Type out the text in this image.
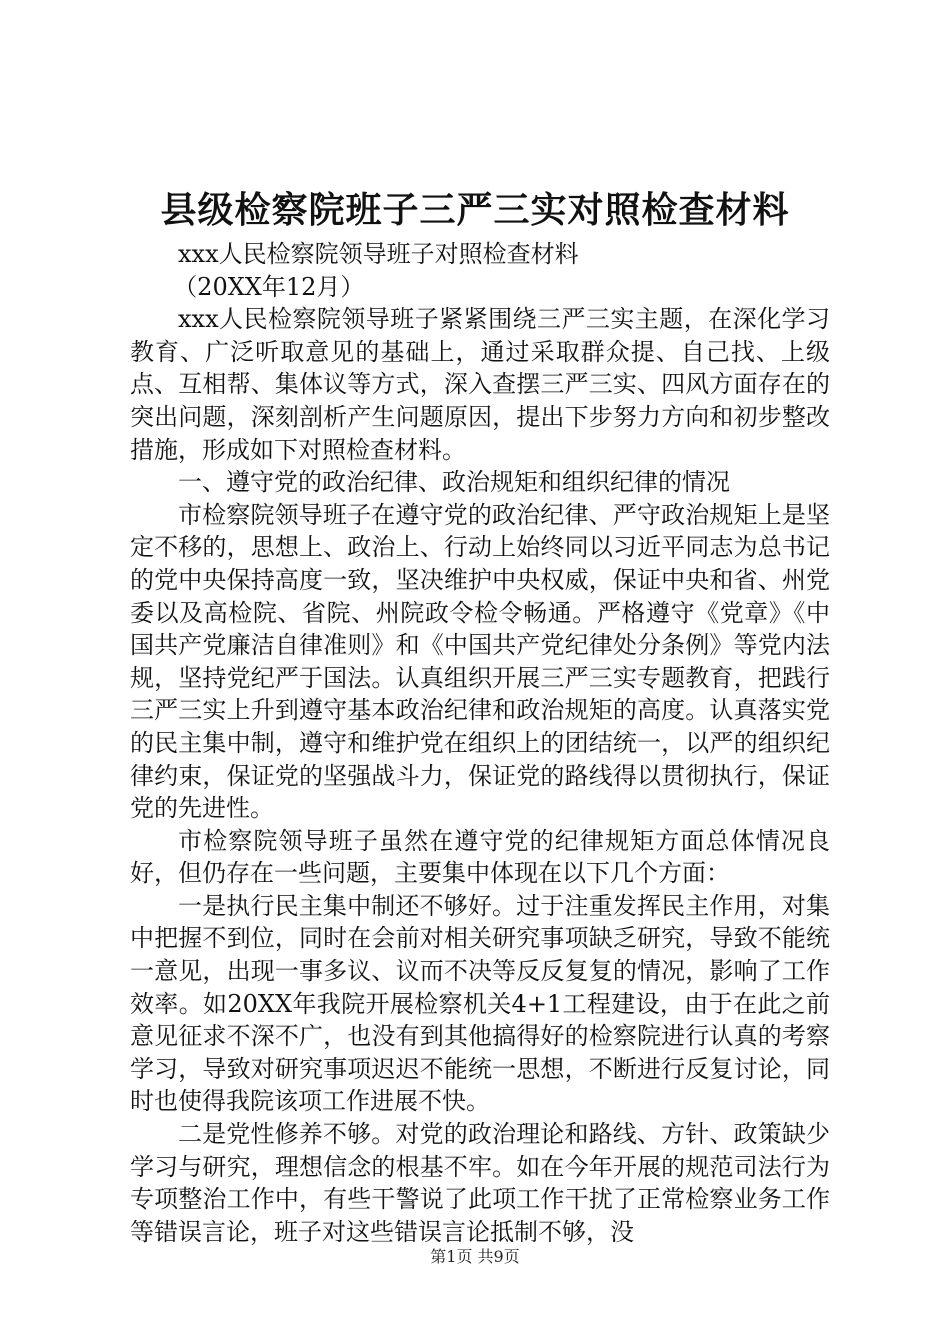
县级检察院班子三严三实对照检查材料

xxx人民检察院领导班子对照检查材料

（20XX年12月）

xxx人民检察院领导班子紧紧围绕三严三实主题，在深化学习教育、广泛听取意见的基础上，通过采取群众提、自己找、上级点、互相帮、集体议等方式，深入查摆三严三实、四风方面存在的突出问题，深刻剖析产生问题原因，提出下步努力方向和初步整改措施，形成如下对照检查材料。

一、遵守党的政治纪律、政治规矩和组织纪律的情况

市检察院领导班子在遵守党的政治纪律、严守政治规矩上是坚定不移的，思想上、政治上、行动上始终同以习近平同志为总书记的党中央保持高度一致，坚决维护中央权威，保证中央和省、州党委以及高检院、省院、州院政令检令畅通。严格遵守《党章》《中国共产党廉洁自律准则》和《中国共产党纪律处分条例》等党内法规，坚持党纪严于国法。认真组织开展三严三实专题教育，把践行三严三实上升到遵守基本政治纪律和政治规矩的高度。认真落实党的民主集中制，遵守和维护党在组织上的团结统一，以严的组织纪律约束，保证党的坚强战斗力，保证党的路线得以贯彻执行，保证党的先进性。

市检察院领导班子虽然在遵守党的纪律规矩方面总体情况良好，但仍存在一些问题，主要集中体现在以下几个方面：

一是执行民主集中制还不够好。过于注重发挥民主作用，对集中把握不到位，同时在会前对相关研究事项缺乏研究，导致不能统一意见，出现一事多议、议而不决等反反复复的情况，影响了工作效率。如20XX年我院开展检察机关4+1工程建设，由于在此之前意见征求不深不广，也没有到其他搞得好的检察院进行认真的考察学习，导致对研究事项迟迟不能统一思想，不断进行反复讨论，同时也使得我院该项工作进展不快。

二是党性修养不够。对党的政治理论和路线、方针、政策缺少学习与研究，理想信念的根基不牢。如在今年开展的规范司法行为专项整治工作中，有些干警说了此项工作干扰了正常检察业务工作等错误言论，班子对这些错误言论抵制不够，没

第1页 共9页
